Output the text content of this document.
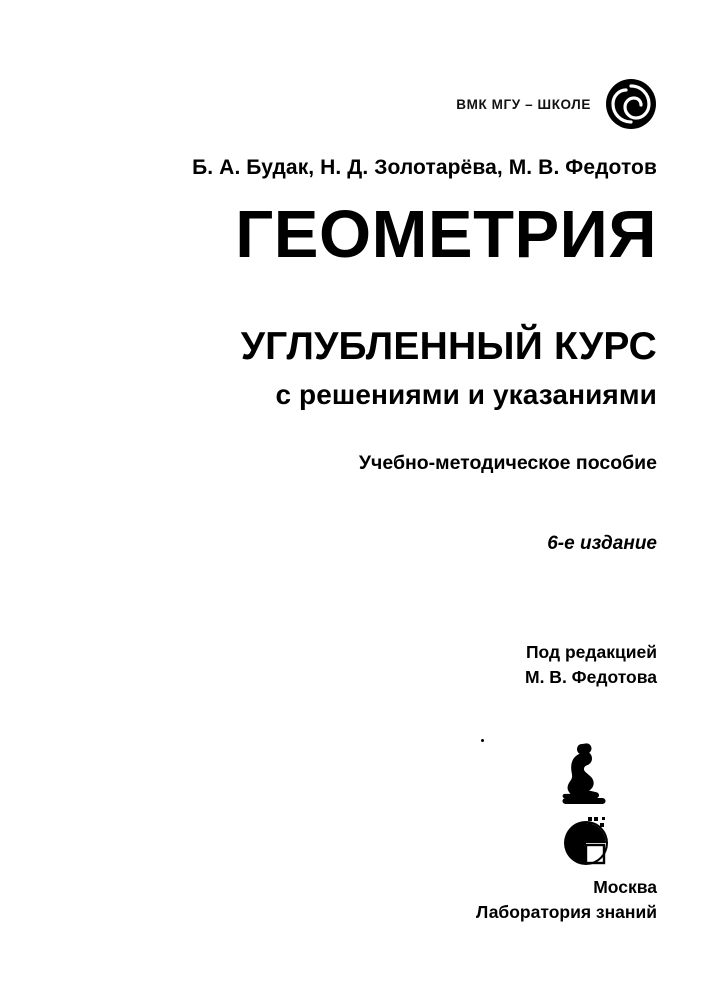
ВМК МГУ – ШКОЛЕ
Б. А. Будак, Н. Д. Золотарёва, М. В. Федотов
ГЕОМЕТРИЯ
УГЛУБЛЕННЫЙ КУРС
с решениями и указаниями
Учебно-методическое пособие
6-е издание
Под редакцией
М. В. Федотова
Москва
Лаборатория знаний
